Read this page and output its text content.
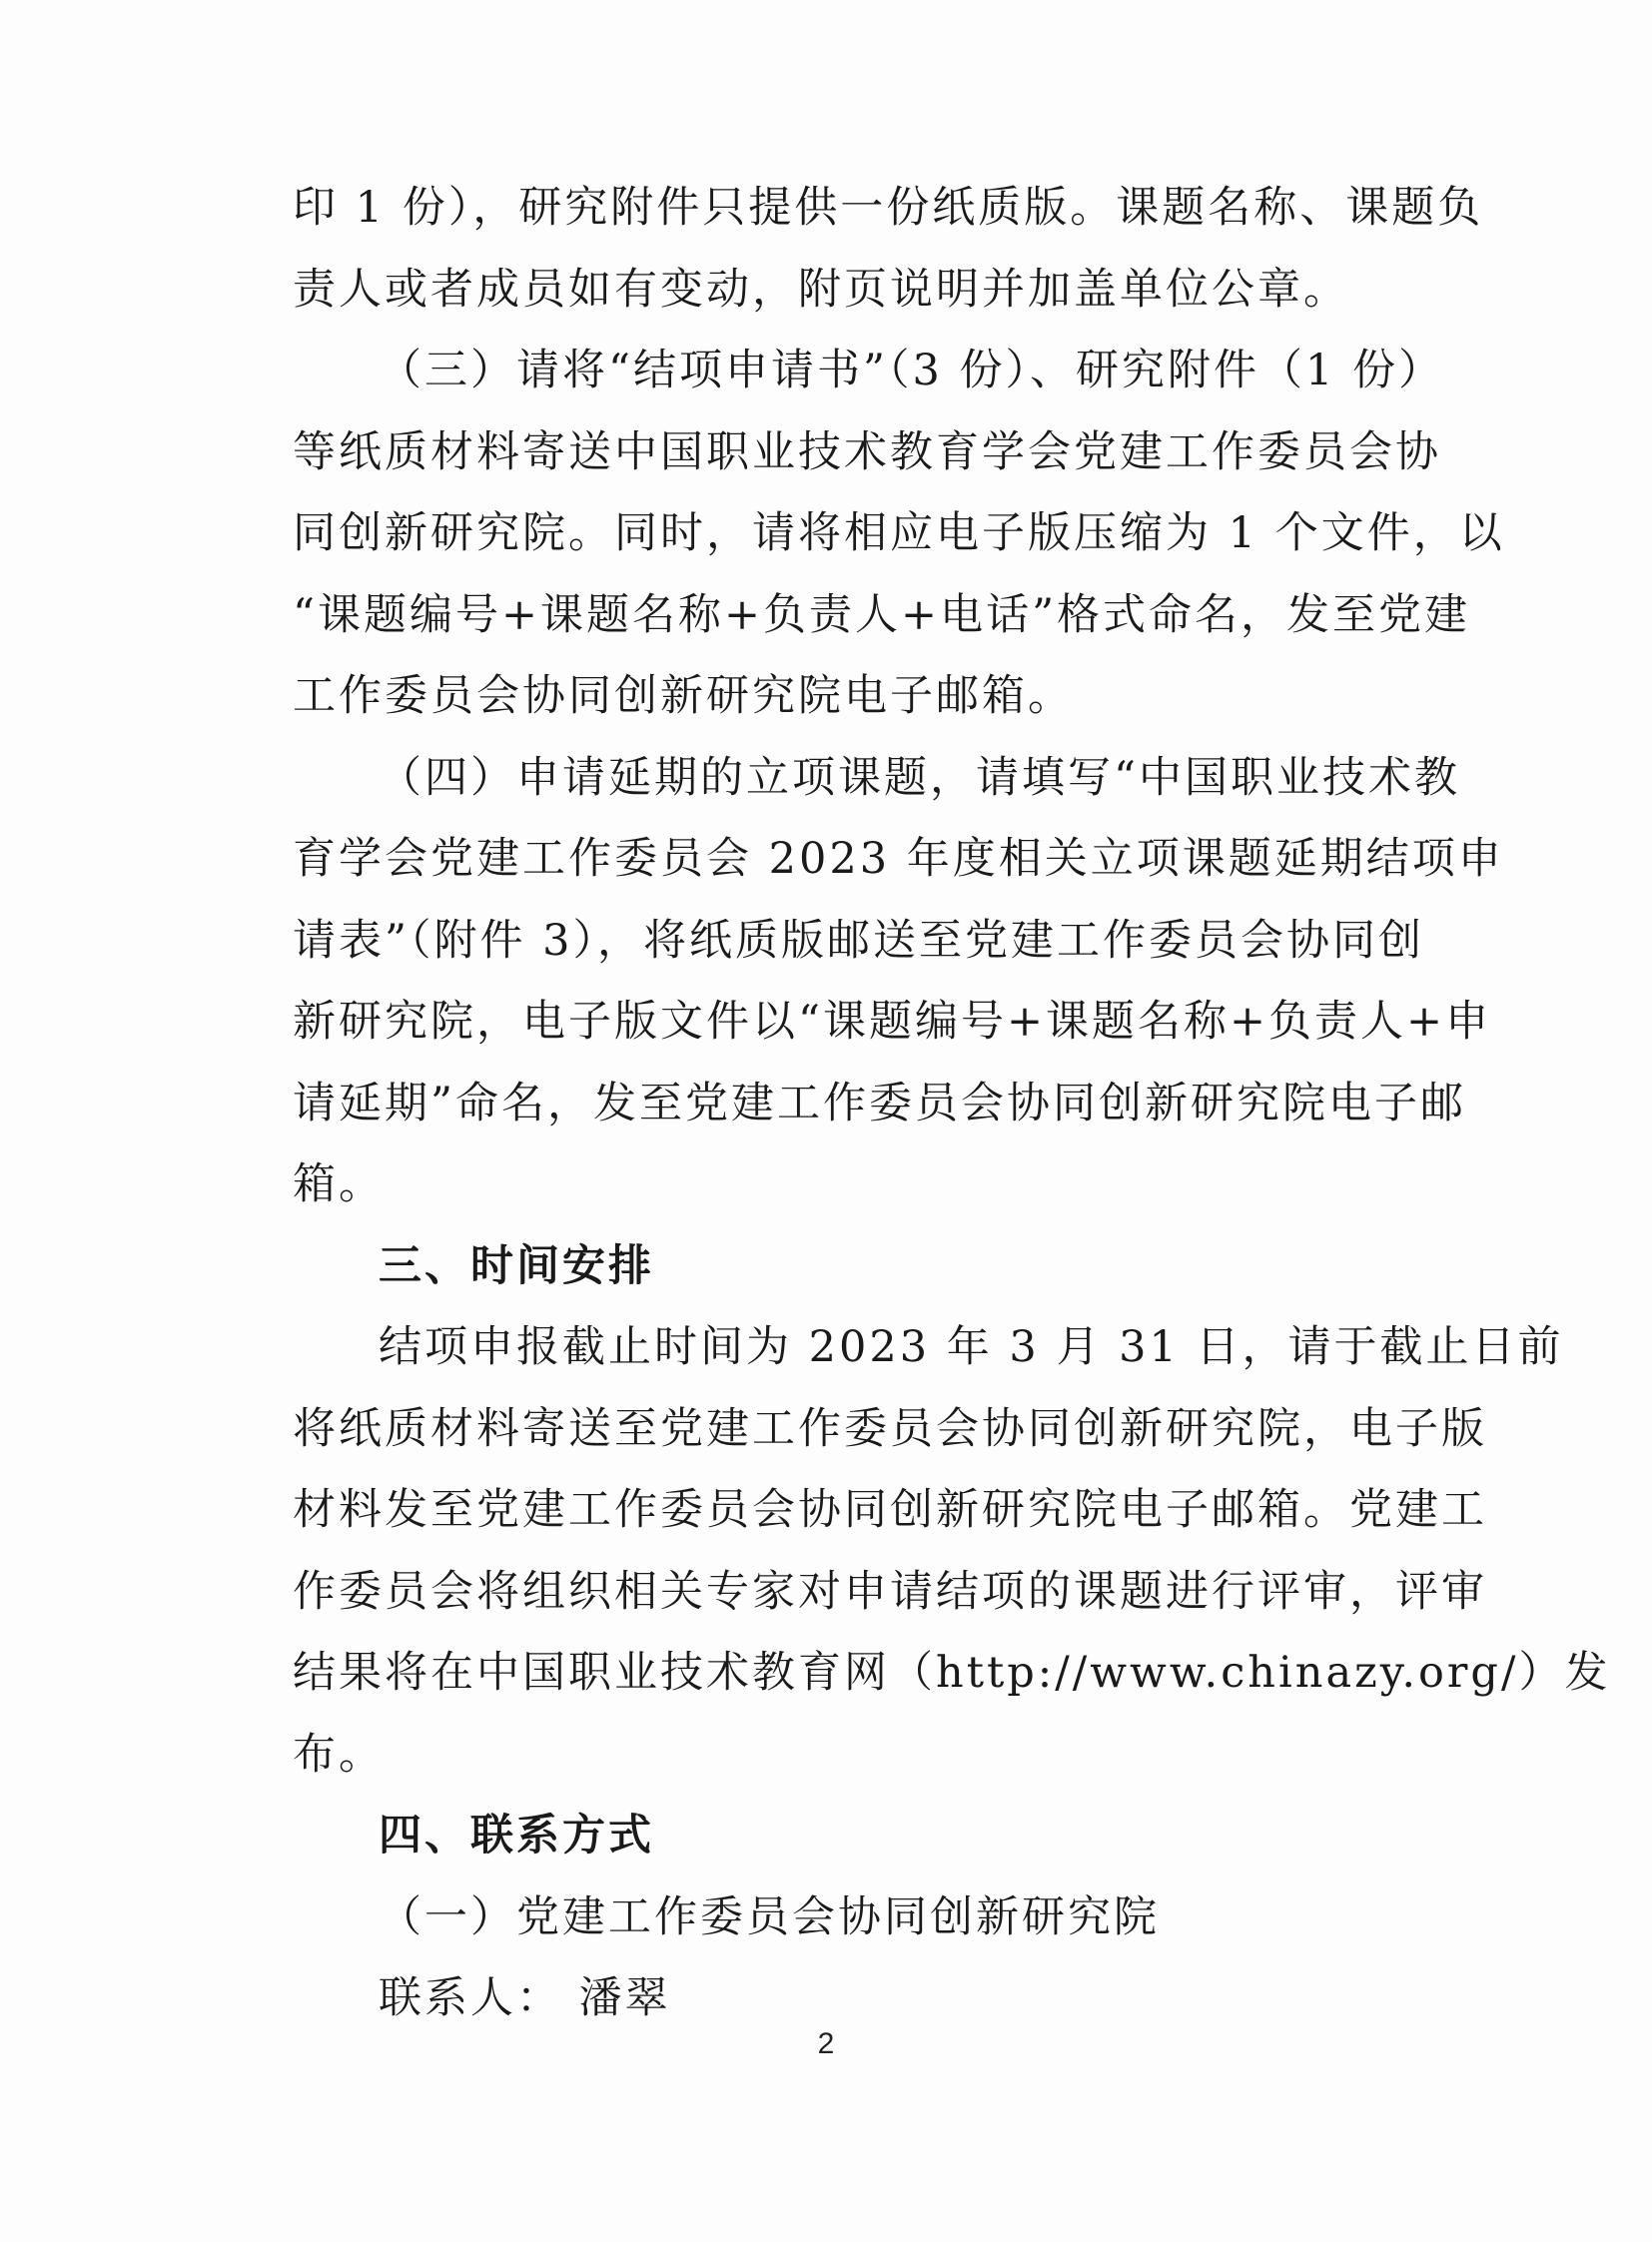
印 1 份），研究附件只提供一份纸质版。课题名称、课题负
责人或者成员如有变动，附页说明并加盖单位公章。
（三）请将“结项申请书”（3 份）、研究附件（1 份）
等纸质材料寄送中国职业技术教育学会党建工作委员会协
同创新研究院。同时，请将相应电子版压缩为 1 个文件，以
“课题编号+课题名称+负责人+电话”格式命名，发至党建
工作委员会协同创新研究院电子邮箱。
（四）申请延期的立项课题，请填写“中国职业技术教
育学会党建工作委员会 2023 年度相关立项课题延期结项申
请表”（附件 3），将纸质版邮送至党建工作委员会协同创
新研究院，电子版文件以“课题编号+课题名称+负责人+申
请延期”命名，发至党建工作委员会协同创新研究院电子邮
箱。
三、时间安排
结项申报截止时间为 2023 年 3 月 31 日，请于截止日前
将纸质材料寄送至党建工作委员会协同创新研究院，电子版
材料发至党建工作委员会协同创新研究院电子邮箱。党建工
作委员会将组织相关专家对申请结项的课题进行评审，评审
结果将在中国职业技术教育网（http://www.chinazy.org/）发
布。
四、联系方式
（一）党建工作委员会协同创新研究院
联系人： 潘翠
2
